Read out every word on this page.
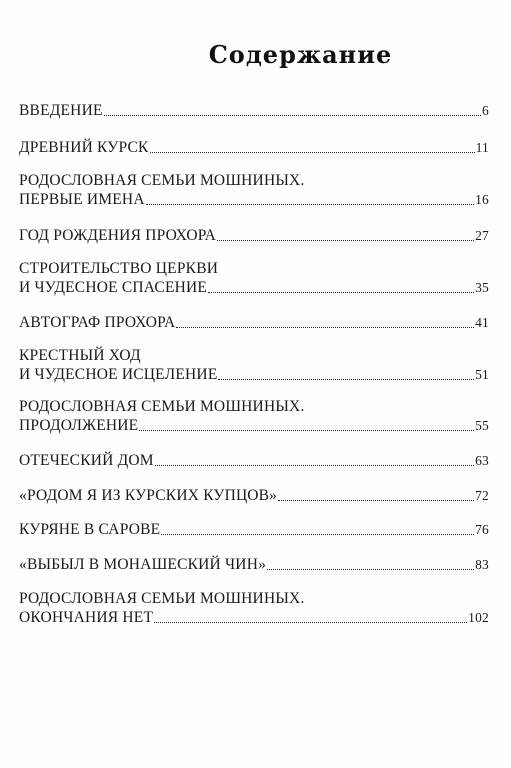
Содержание
ВВЕДЕНИЕ	6
ДРЕВНИЙ КУРСК	11
РОДОСЛОВНАЯ СЕМЬИ МОШНИНЫХ.
ПЕРВЫЕ ИМЕНА	16
ГОД РОЖДЕНИЯ ПРОХОРА	27
СТРОИТЕЛЬСТВО ЦЕРКВИ
И ЧУДЕСНОЕ СПАСЕНИЕ	35
АВТОГРАФ ПРОХОРА	41
КРЕСТНЫЙ ХОД
И ЧУДЕСНОЕ ИСЦЕЛЕНИЕ	51
РОДОСЛОВНАЯ СЕМЬИ МОШНИНЫХ.
ПРОДОЛЖЕНИЕ	55
ОТЕЧЕСКИЙ ДОМ	63
«РОДОМ Я ИЗ КУРСКИХ КУПЦОВ»	72
КУРЯНЕ В САРОВЕ	76
«ВЫБЫЛ В МОНАШЕСКИЙ ЧИН»	83
РОДОСЛОВНАЯ СЕМЬИ МОШНИНЫХ.
ОКОНЧАНИЯ НЕТ	102
